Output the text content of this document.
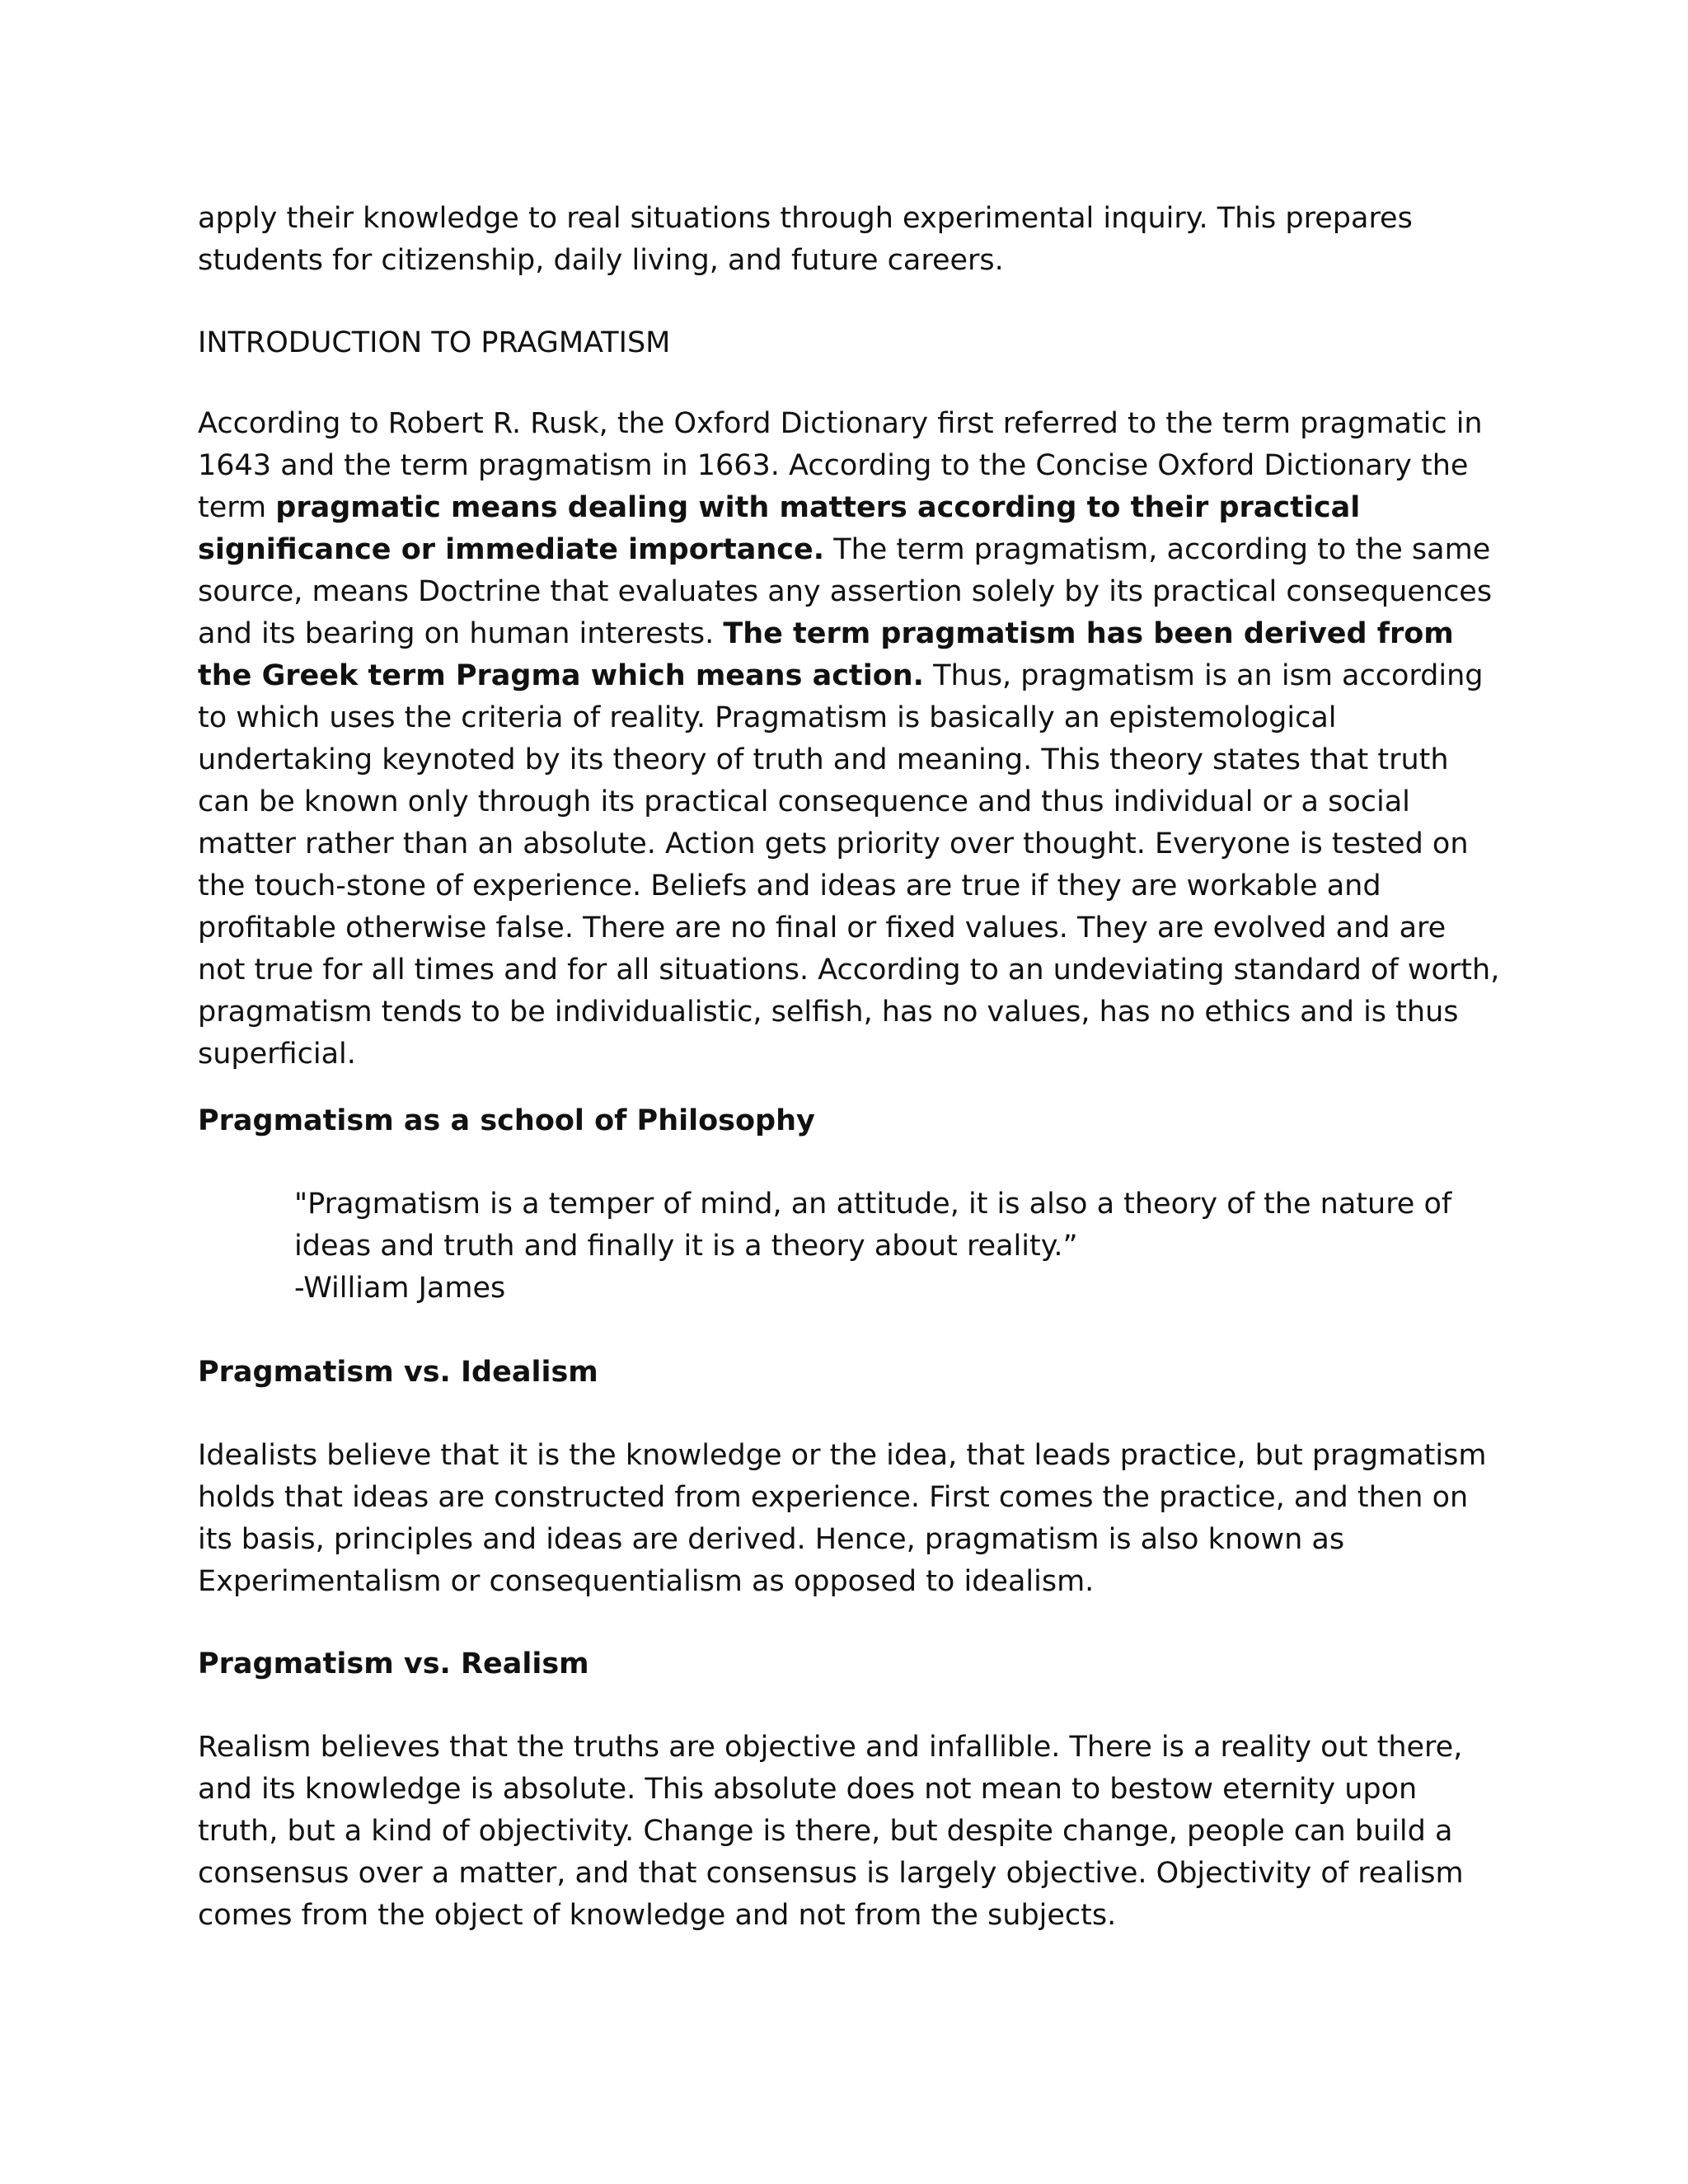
apply their knowledge to real situations through experimental inquiry. This prepares students for citizenship, daily living, and future careers.

INTRODUCTION TO PRAGMATISM

According to Robert R. Rusk, the Oxford Dictionary first referred to the term pragmatic in 1643 and the term pragmatism in 1663. According to the Concise Oxford Dictionary the term pragmatic means dealing with matters according to their practical significance or immediate importance. The term pragmatism, according to the same source, means Doctrine that evaluates any assertion solely by its practical consequences and its bearing on human interests. The term pragmatism has been derived from the Greek term Pragma which means action. Thus, pragmatism is an ism according to which uses the criteria of reality. Pragmatism is basically an epistemological undertaking keynoted by its theory of truth and meaning. This theory states that truth can be known only through its practical consequence and thus individual or a social matter rather than an absolute. Action gets priority over thought. Everyone is tested on the touch-stone of experience. Beliefs and ideas are true if they are workable and profitable otherwise false. There are no final or fixed values. They are evolved and are not true for all times and for all situations. According to an undeviating standard of worth, pragmatism tends to be individualistic, selfish, has no values, has no ethics and is thus superficial.

Pragmatism as a school of Philosophy

"Pragmatism is a temper of mind, an attitude, it is also a theory of the nature of ideas and truth and finally it is a theory about reality.”

-William James

Pragmatism vs. Idealism

Idealists believe that it is the knowledge or the idea, that leads practice, but pragmatism holds that ideas are constructed from experience. First comes the practice, and then on its basis, principles and ideas are derived. Hence, pragmatism is also known as Experimentalism or consequentialism as opposed to idealism.

Pragmatism vs. Realism

Realism believes that the truths are objective and infallible. There is a reality out there, and its knowledge is absolute. This absolute does not mean to bestow eternity upon truth, but a kind of objectivity. Change is there, but despite change, people can build a consensus over a matter, and that consensus is largely objective. Objectivity of realism comes from the object of knowledge and not from the subjects.
